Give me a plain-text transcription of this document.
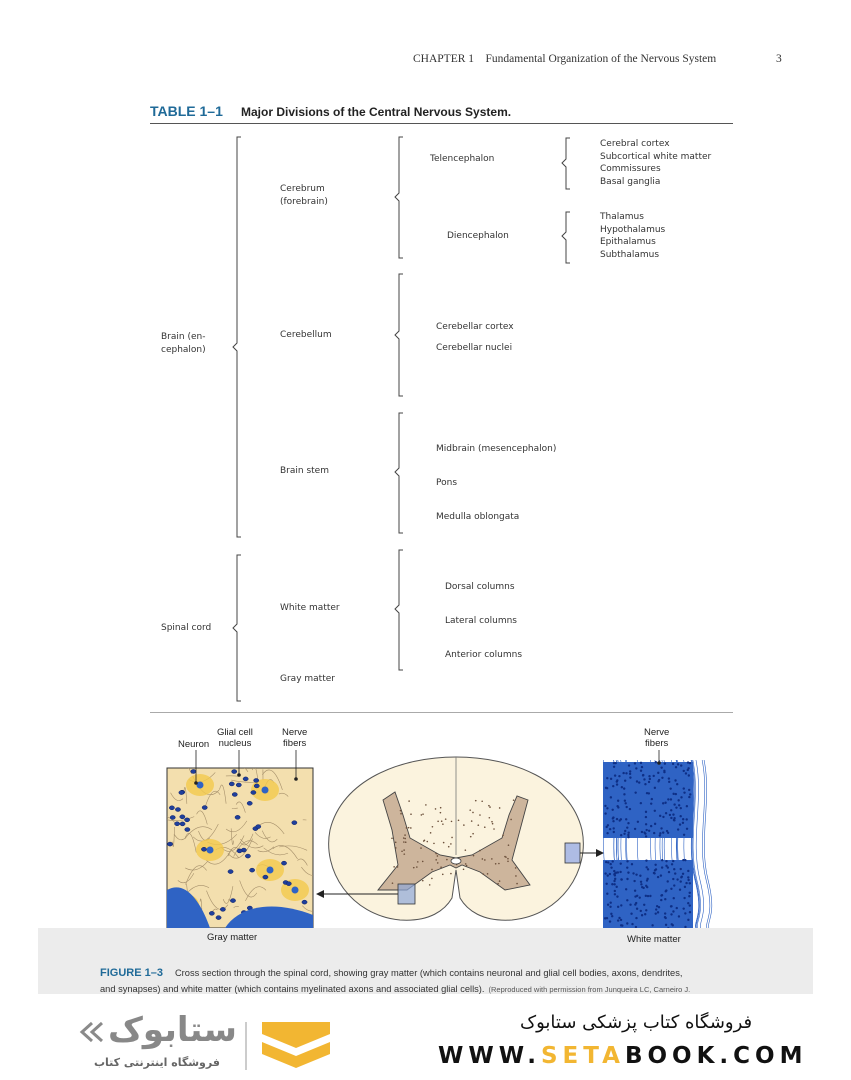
CHAPTER 1 Fundamental Organization of the Nervous System	3
TABLE 1–1 Major Divisions of the Central Nervous System.
Brain (en-
cephalon)
Spinal cord
Cerebrum
(forebrain)
Cerebellum
Brain stem
White matter
Gray matter
Telencephalon
Diencephalon
Cerebellar cortex
Cerebellar nuclei
Midbrain (mesencephalon)
Pons
Medulla oblongata
Dorsal columns
Lateral columns
Anterior columns
Cerebral cortex
Subcortical white matter
Commissures
Basal ganglia
Thalamus
Hypothalamus
Epithalamus
Subthalamus
Neuron
Glial cell
nucleus
Nerve
fibers
Nerve
fibers
Gray matter	White matter
FIGURE 1–3 Cross section through the spinal cord, showing gray matter (which contains neuronal and glial cell bodies, axons, dendrites,
and synapses) and white matter (which contains myelinated axons and associated glial cells). (Reproduced with permission from Junqueira LC, Carneiro J.
ستابوک
فروشگاه اینترنتی کتاب
فروشگاه کتاب پزشکی ستابوک
WWW.SETABOOK.COM
